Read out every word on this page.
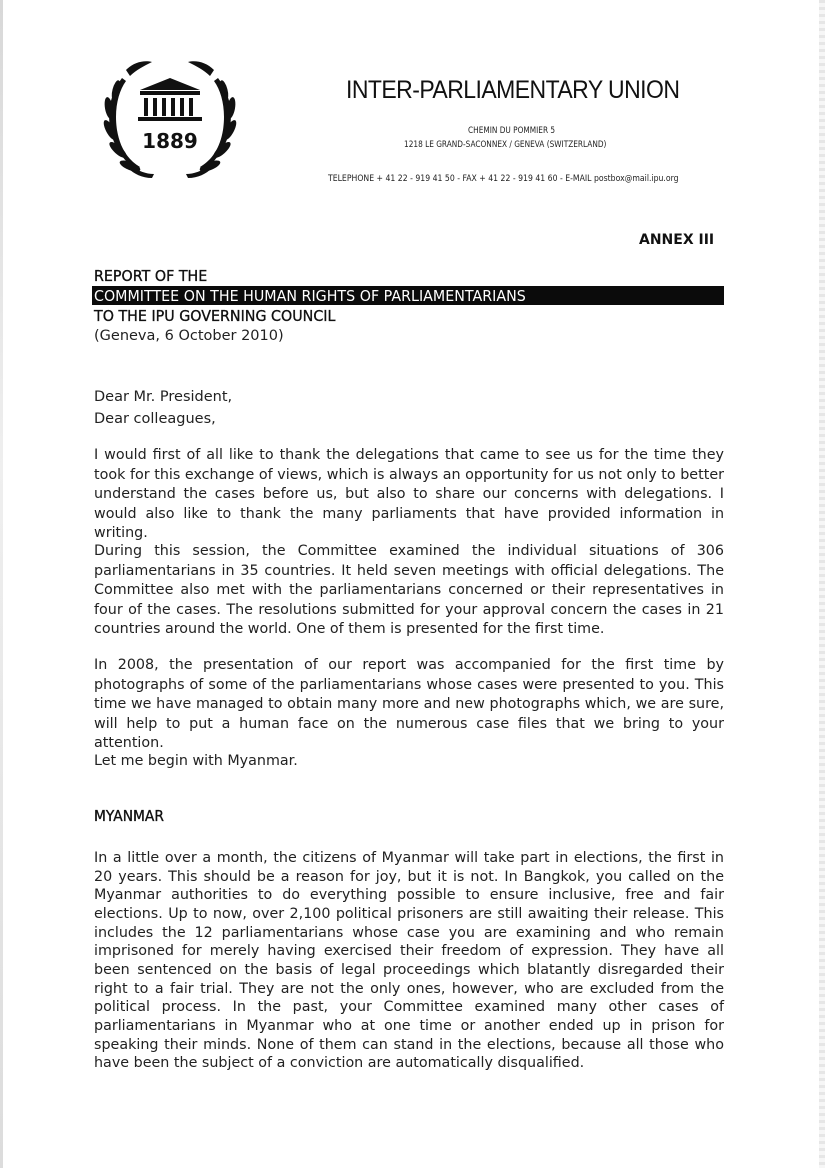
1889
INTER-PARLIAMENTARY UNION
CHEMIN DU POMMIER 5
1218 LE GRAND-SACONNEX / GENEVA (SWITZERLAND)
TELEPHONE + 41 22 - 919 41 50 - FAX + 41 22 - 919 41 60 - E-MAIL postbox@mail.ipu.org
ANNEX III
REPORT OF THE
COMMITTEE ON THE HUMAN RIGHTS OF PARLIAMENTARIANS
TO THE IPU GOVERNING COUNCIL
(Geneva, 6 October 2010)
Dear Mr. President,
Dear colleagues,

I would first of all like to thank the delegations that came to see us for the time they took for this exchange of views, which is always an opportunity for us not only to better understand the cases before us, but also to share our concerns with delegations. I would also like to thank the many parliaments that have provided information in writing.

During this session, the Committee examined the individual situations of 306 parliamentarians in 35 countries. It held seven meetings with official delegations. The Committee also met with the parliamentarians concerned or their representatives in four of the cases. The resolutions submitted for your approval concern the cases in 21 countries around the world. One of them is presented for the first time.

In 2008, the presentation of our report was accompanied for the first time by photographs of some of the parliamentarians whose cases were presented to you. This time we have managed to obtain many more and new photographs which, we are sure, will help to put a human face on the numerous case files that we bring to your attention.

Let me begin with Myanmar.

MYANMAR

In a little over a month, the citizens of Myanmar will take part in elections, the first in 20 years. This should be a reason for joy, but it is not. In Bangkok, you called on the Myanmar authorities to do everything possible to ensure inclusive, free and fair elections. Up to now, over 2,100 political prisoners are still awaiting their release. This includes the 12 parliamentarians whose case you are examining and who remain imprisoned for merely having exercised their freedom of expression. They have all been sentenced on the basis of legal proceedings which blatantly disregarded their right to a fair trial. They are not the only ones, however, who are excluded from the political process. In the past, your Committee examined many other cases of parliamentarians in Myanmar who at one time or another ended up in prison for speaking their minds. None of them can stand in the elections, because all those who have been the subject of a conviction are automatically disqualified.
